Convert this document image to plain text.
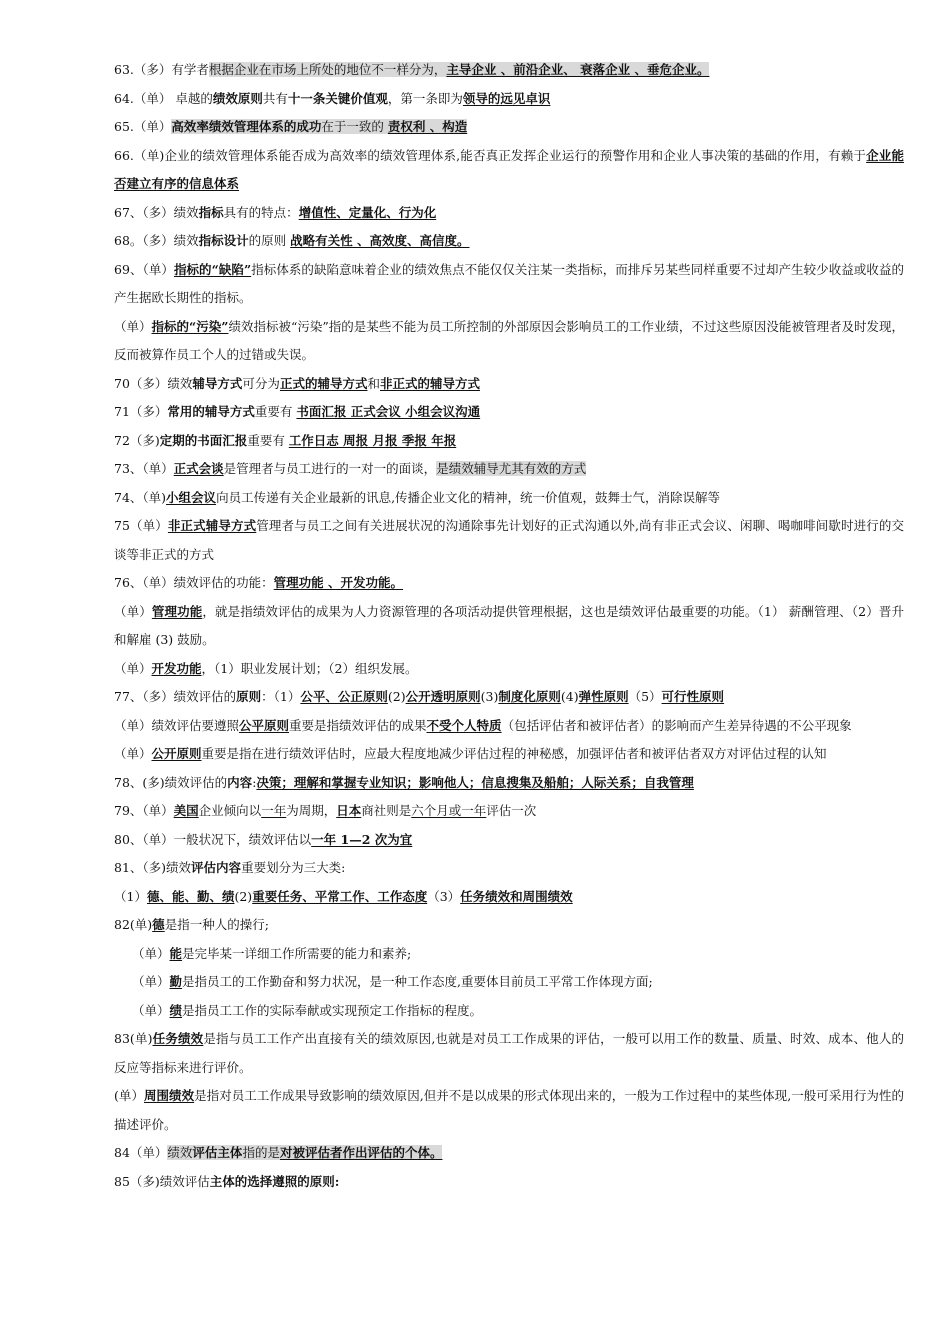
63.（多）有学者根据企业在市场上所处的地位不一样分为，主导企业 、前沿企业、 衰落企业 、垂危企业。
64.（单） 卓越的绩效原则共有十一条关键价值观，第一条即为领导的远见卓识
65.（单）高效率绩效管理体系的成功在于一致的 责权利 、构造
66.（单)企业的绩效管理体系能否成为高效率的绩效管理体系,能否真正发挥企业运行的预警作用和企业人事决策的基础的作用，有赖于企业能否建立有序的信息体系
67、（多）绩效指标具有的特点：增值性、定量化、行为化
68。（多）绩效指标设计的原则 战略有关性 、高效度、高信度。
69、（单）指标的“缺陷”指标体系的缺陷意味着企业的绩效焦点不能仅仅关注某一类指标，而排斥另某些同样重要不过却产生较少收益或收益的产生据欧长期性的指标。
（单）指标的“污染”绩效指标被“污染”指的是某些不能为员工所控制的外部原因会影响员工的工作业绩，不过这些原因没能被管理者及时发现，反而被算作员工个人的过错或失误。
70（多）绩效辅导方式可分为正式的辅导方式和非正式的辅导方式
71（多）常用的辅导方式重要有 书面汇报 正式会议 小组会议沟通
72（多)定期的书面汇报重要有 工作日志 周报 月报 季报 年报
73、（单）正式会谈是管理者与员工进行的一对一的面谈，是绩效辅导尤其有效的方式
74、（单)小组会议向员工传递有关企业最新的讯息,传播企业文化的精神，统一价值观，鼓舞士气，消除误解等
75（单）非正式辅导方式管理者与员工之间有关进展状况的沟通除事先计划好的正式沟通以外,尚有非正式会议、闲聊、喝咖啡间歇时进行的交谈等非正式的方式
76、（单）绩效评估的功能：管理功能 、开发功能。
（单）管理功能，就是指绩效评估的成果为人力资源管理的各项活动提供管理根据，这也是绩效评估最重要的功能。（1） 薪酬管理、（2）晋升和解雇 (3) 鼓励。
（单）开发功能，（1）职业发展计划；（2）组织发展。
77、（多）绩效评估的原则：（1）公平、公正原则(2)公开透明原则(3)制度化原则(4)弹性原则（5）可行性原则
（单）绩效评估要遵照公平原则重要是指绩效评估的成果不受个人特质（包括评估者和被评估者）的影响而产生差异待遇的不公平现象
（单）公开原则重要是指在进行绩效评估时，应最大程度地减少评估过程的神秘感，加强评估者和被评估者双方对评估过程的认知
78、(多)绩效评估的内容:决策；理解和掌握专业知识；影响他人；信息搜集及船舶；人际关系；自我管理
79、（单）美国企业倾向以一年为周期，日本商社则是六个月或一年评估一次
80、（单）一般状况下，绩效评估以一年 1—2 次为宜
81、（多)绩效评估内容重要划分为三大类:
（1）德、能、勤、绩(2)重要任务、平常工作、工作态度（3）任务绩效和周围绩效
82(单)德是指一种人的操行;
（单）能是完毕某一详细工作所需要的能力和素养;
（单）勤是指员工的工作勤奋和努力状况，是一种工作态度,重要体目前员工平常工作体现方面;
（单）绩是指员工工作的实际奉献或实现预定工作指标的程度。
83(单)任务绩效是指与员工工作产出直接有关的绩效原因,也就是对员工工作成果的评估，一般可以用工作的数量、质量、时效、成本、他人的反应等指标来进行评价。
(单）周围绩效是指对员工工作成果导致影响的绩效原因,但并不是以成果的形式体现出来的，一般为工作过程中的某些体现,一般可采用行为性的描述评价。
84（单）绩效评估主体指的是对被评估者作出评估的个体。
85（多)绩效评估主体的选择遵照的原则:
